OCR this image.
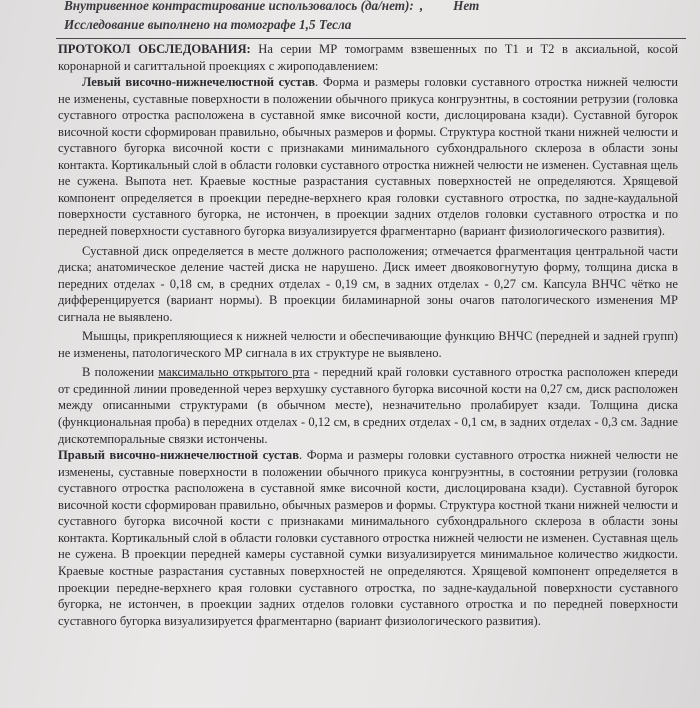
Внутривенное контрастирование использовалось (да/нет): , Нет
Исследование выполнено на томографе 1,5 Тесла

ПРОТОКОЛ ОБСЛЕДОВАНИЯ: На серии МР томограмм взвешенных по Т1 и Т2 в аксиальной, косой коронарной и сагиттальной проекциях с жироподавлением:

Левый височно-нижнечелюстной сустав. Форма и размеры головки суставного отростка нижней челюсти не изменены, суставные поверхности в положении обычного прикуса конгруэнтны, в состоянии ретрузии (головка суставного отростка расположена в суставной ямке височной кости, дислоцирована кзади). Суставной бугорок височной кости сформирован правильно, обычных размеров и формы. Структура костной ткани нижней челюсти и суставного бугорка височной кости с признаками минимального субхондрального склероза в области зоны контакта. Кортикальный слой в области головки суставного отростка нижней челюсти не изменен. Суставная щель не сужена. Выпота нет. Краевые костные разрастания суставных поверхностей не определяются. Хрящевой компонент определяется в проекции передне-верхнего края головки суставного отростка, по задне-каудальной поверхности суставного бугорка, не истончен, в проекции задних отделов головки суставного отростка и по передней поверхности суставного бугорка визуализируется фрагментарно (вариант физиологического развития).

Суставной диск определяется в месте должного расположения; отмечается фрагментация центральной части диска; анатомическое деление частей диска не нарушено. Диск имеет двояковогнутую форму, толщина диска в передних отделах - 0,18 см, в средних отделах - 0,19 см, в задних отделах - 0,27 см. Капсула ВНЧС чётко не дифференцируется (вариант нормы). В проекции биламинарной зоны очагов патологического изменения МР сигнала не выявлено.

Мышцы, прикрепляющиеся к нижней челюсти и обеспечивающие функцию ВНЧС (передней и задней групп) не изменены, патологического МР сигнала в их структуре не выявлено.

В положении максимально открытого рта - передний край головки суставного отростка расположен кпереди от срединной линии проведенной через верхушку суставного бугорка височной кости на 0,27 см, диск расположен между описанными структурами (в обычном месте), незначительно пролабирует кзади. Толщина диска (функциональная проба) в передних отделах - 0,12 см, в средних отделах - 0,1 см, в задних отделах - 0,3 см. Задние дискотемпоральные связки истончены.

Правый височно-нижнечелюстной сустав. Форма и размеры головки суставного отростка нижней челюсти не изменены, суставные поверхности в положении обычного прикуса конгруэнтны, в состоянии ретрузии (головка суставного отростка расположена в суставной ямке височной кости, дислоцирована кзади). Суставной бугорок височной кости сформирован правильно, обычных размеров и формы. Структура костной ткани нижней челюсти и суставного бугорка височной кости с признаками минимального субхондрального склероза в области зоны контакта. Кортикальный слой в области головки суставного отростка нижней челюсти не изменен. Суставная щель не сужена. В проекции передней камеры суставной сумки визуализируется минимальное количество жидкости. Краевые костные разрастания суставных поверхностей не определяются. Хрящевой компонент определяется в проекции передне-верхнего края головки суставного отростка, по задне-каудальной поверхности суставного бугорка, не истончен, в проекции задних отделов головки суставного отростка и по передней поверхности суставного бугорка визуализируется фрагментарно (вариант физиологического развития).
